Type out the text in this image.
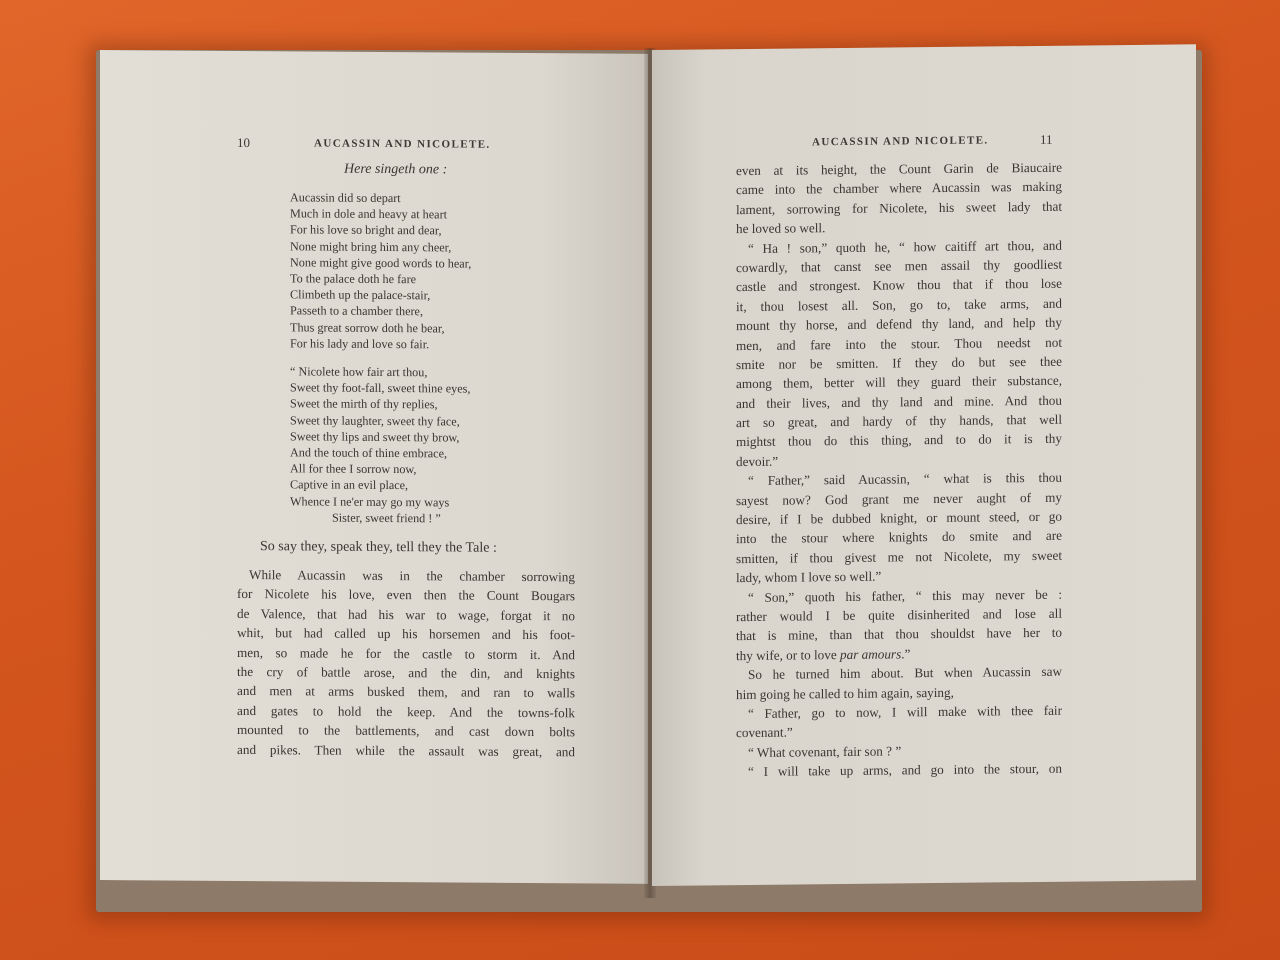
10	AUCASSIN AND NICOLETE.
Here singeth one :
Aucassin did so depart
Much in dole and heavy at heart
For his love so bright and dear,
None might bring him any cheer,
None might give good words to hear,
To the palace doth he fare
Climbeth up the palace-stair,
Passeth to a chamber there,
Thus great sorrow doth he bear,
For his lady and love so fair.
“ Nicolete how fair art thou,
Sweet thy foot-fall, sweet thine eyes,
Sweet the mirth of thy replies,
Sweet thy laughter, sweet thy face,
Sweet thy lips and sweet thy brow,
And the touch of thine embrace,
All for thee I sorrow now,
Captive in an evil place,
Whence I ne'er may go my ways
Sister, sweet friend ! ”
So say they, speak they, tell they the Tale :
While Aucassin was in the chamber sorrowing
for Nicolete his love, even then the Count Bougars
de Valence, that had his war to wage, forgat it no
whit, but had called up his horsemen and his foot-
men, so made he for the castle to storm it. And
the cry of battle arose, and the din, and knights
and men at arms busked them, and ran to walls
and gates to hold the keep. And the towns-folk
mounted to the battlements, and cast down bolts
and pikes. Then while the assault was great, and
AUCASSIN AND NICOLETE.	11
even at its height, the Count Garin de Biaucaire
came into the chamber where Aucassin was making
lament, sorrowing for Nicolete, his sweet lady that
he loved so well.
“ Ha ! son,” quoth he, “ how caitiff art thou, and
cowardly, that canst see men assail thy goodliest
castle and strongest. Know thou that if thou lose
it, thou losest all. Son, go to, take arms, and
mount thy horse, and defend thy land, and help thy
men, and fare into the stour. Thou needst not
smite nor be smitten. If they do but see thee
among them, better will they guard their substance,
and their lives, and thy land and mine. And thou
art so great, and hardy of thy hands, that well
mightst thou do this thing, and to do it is thy
devoir.”
“ Father,” said Aucassin, “ what is this thou
sayest now? God grant me never aught of my
desire, if I be dubbed knight, or mount steed, or go
into the stour where knights do smite and are
smitten, if thou givest me not Nicolete, my sweet
lady, whom I love so well.”
“ Son,” quoth his father, “ this may never be :
rather would I be quite disinherited and lose all
that is mine, than that thou shouldst have her to
thy wife, or to love par amours.”
So he turned him about. But when Aucassin saw
him going he called to him again, saying,
“ Father, go to now, I will make with thee fair
covenant.”
“ What covenant, fair son ? ”
“ I will take up arms, and go into the stour, on
